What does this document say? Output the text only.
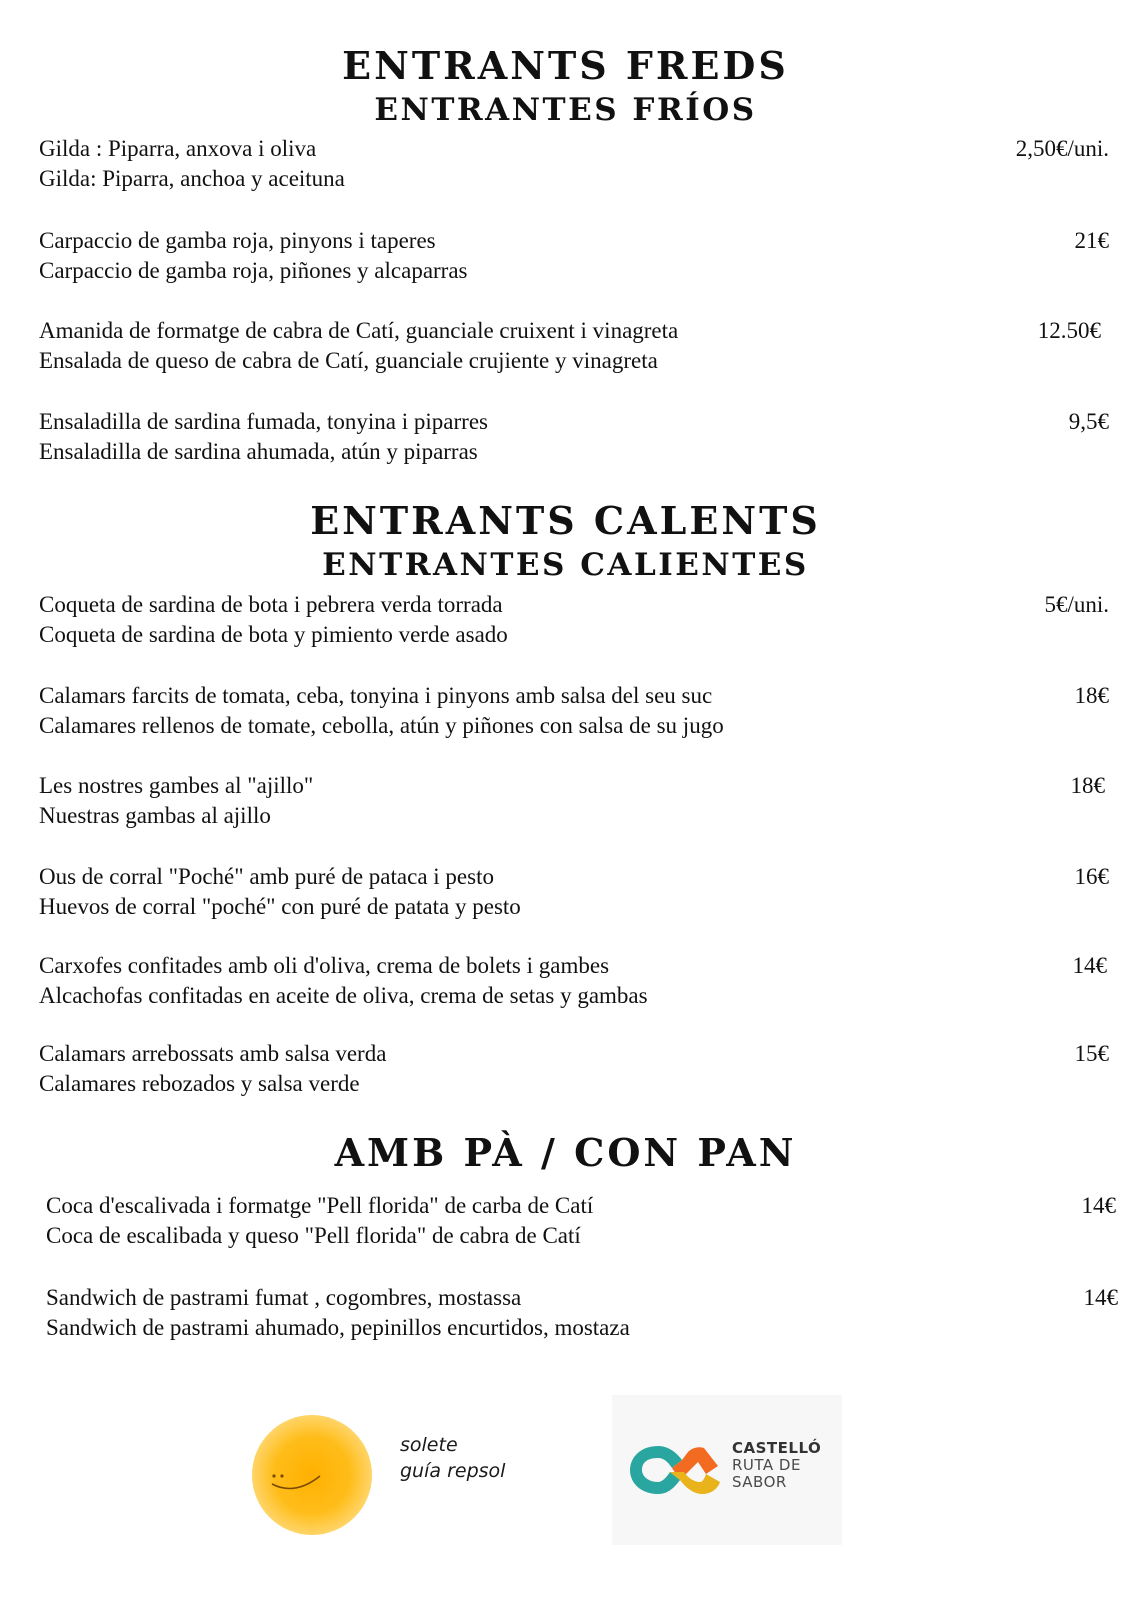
ENTRANTS FREDS
ENTRANTES FRÍOS
Gilda : Piparra, anxova i oliva
Gilda: Piparra, anchoa y aceituna
2,50€/uni.
Carpaccio de gamba roja, pinyons i taperes
Carpaccio de gamba roja, piñones y alcaparras
21€
Amanida de formatge de cabra de Catí, guanciale cruixent i vinagreta
Ensalada de queso de cabra de Catí, guanciale crujiente y vinagreta
12.50€
Ensaladilla de sardina fumada, tonyina i piparres
Ensaladilla de sardina ahumada, atún y piparras
9,5€
ENTRANTS CALENTS
ENTRANTES CALIENTES
Coqueta de sardina de bota i pebrera verda torrada
Coqueta de sardina de bota y pimiento verde asado
5€/uni.
Calamars farcits de tomata, ceba, tonyina i pinyons amb salsa del seu suc
Calamares rellenos de tomate, cebolla, atún y piñones con salsa de su jugo
18€
Les nostres gambes al "ajillo"
Nuestras gambas al ajillo
18€
Ous de corral "Poché" amb puré de pataca i pesto
Huevos de corral "poché" con puré de patata y pesto
16€
Carxofes confitades amb oli d'oliva, crema de bolets i gambes
Alcachofas confitadas en aceite de oliva, crema de setas y gambas
14€
Calamars arrebossats amb salsa verda
Calamares rebozados y salsa verde
15€
AMB PÀ / CON PAN
Coca d'escalivada i formatge "Pell florida" de carba de Catí
Coca de escalibada y queso "Pell florida" de cabra de Catí
14€
Sandwich de pastrami fumat , cogombres, mostassa
Sandwich de pastrami ahumado, pepinillos encurtidos, mostaza
14€
solete
guía repsol
CASTELLÓ
RUTA DE
SABOR
